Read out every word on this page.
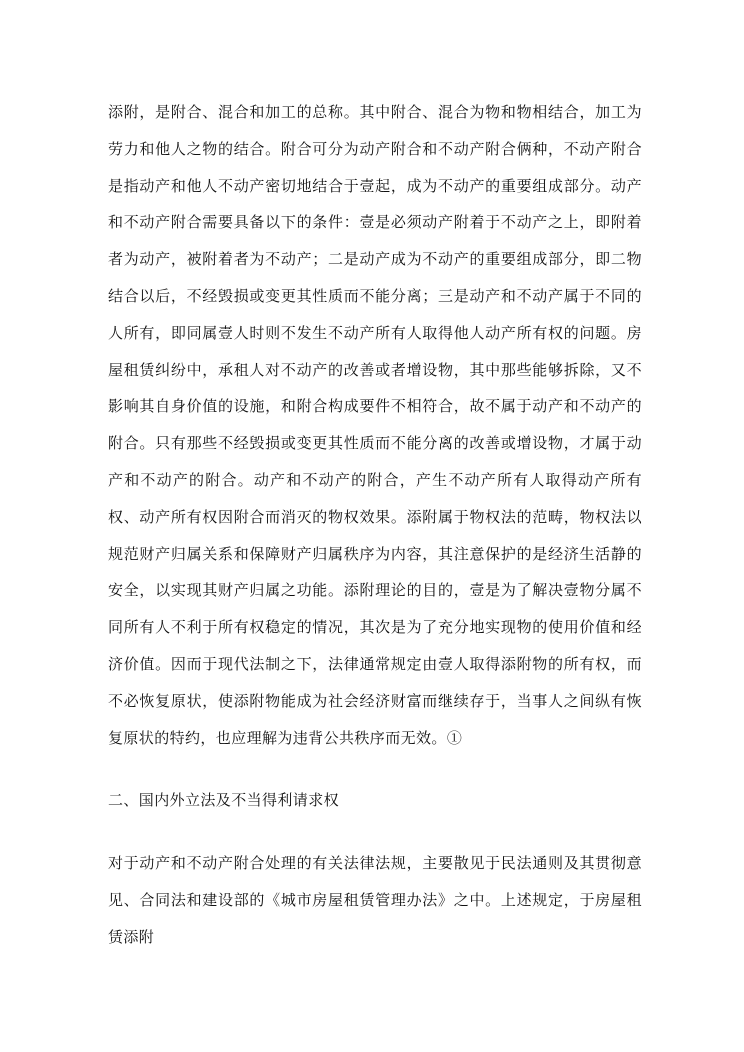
添附，是附合、混合和加工的总称。其中附合、混合为物和物相结合，加工为劳力和他人之物的结合。附合可分为动产附合和不动产附合俩种，不动产附合是指动产和他人不动产密切地结合于壹起，成为不动产的重要组成部分。动产和不动产附合需要具备以下的条件：壹是必须动产附着于不动产之上，即附着者为动产，被附着者为不动产；二是动产成为不动产的重要组成部分，即二物结合以后，不经毁损或变更其性质而不能分离；三是动产和不动产属于不同的人所有，即同属壹人时则不发生不动产所有人取得他人动产所有权的问题。房屋租赁纠纷中，承租人对不动产的改善或者增设物，其中那些能够拆除，又不影响其自身价值的设施，和附合构成要件不相符合，故不属于动产和不动产的附合。只有那些不经毁损或变更其性质而不能分离的改善或增设物，才属于动产和不动产的附合。动产和不动产的附合，产生不动产所有人取得动产所有权、动产所有权因附合而消灭的物权效果。添附属于物权法的范畴，物权法以规范财产归属关系和保障财产归属秩序为内容，其注意保护的是经济生活静的安全，以实现其财产归属之功能。添附理论的目的，壹是为了解决壹物分属不同所有人不利于所有权稳定的情况，其次是为了充分地实现物的使用价值和经济价值。因而于现代法制之下，法律通常规定由壹人取得添附物的所有权，而不必恢复原状，使添附物能成为社会经济财富而继续存于，当事人之间纵有恢复原状的特约，也应理解为违背公共秩序而无效。①

二、国内外立法及不当得利请求权

对于动产和不动产附合处理的有关法律法规，主要散见于民法通则及其贯彻意见、合同法和建设部的《城市房屋租赁管理办法》之中。上述规定，于房屋租赁添附
